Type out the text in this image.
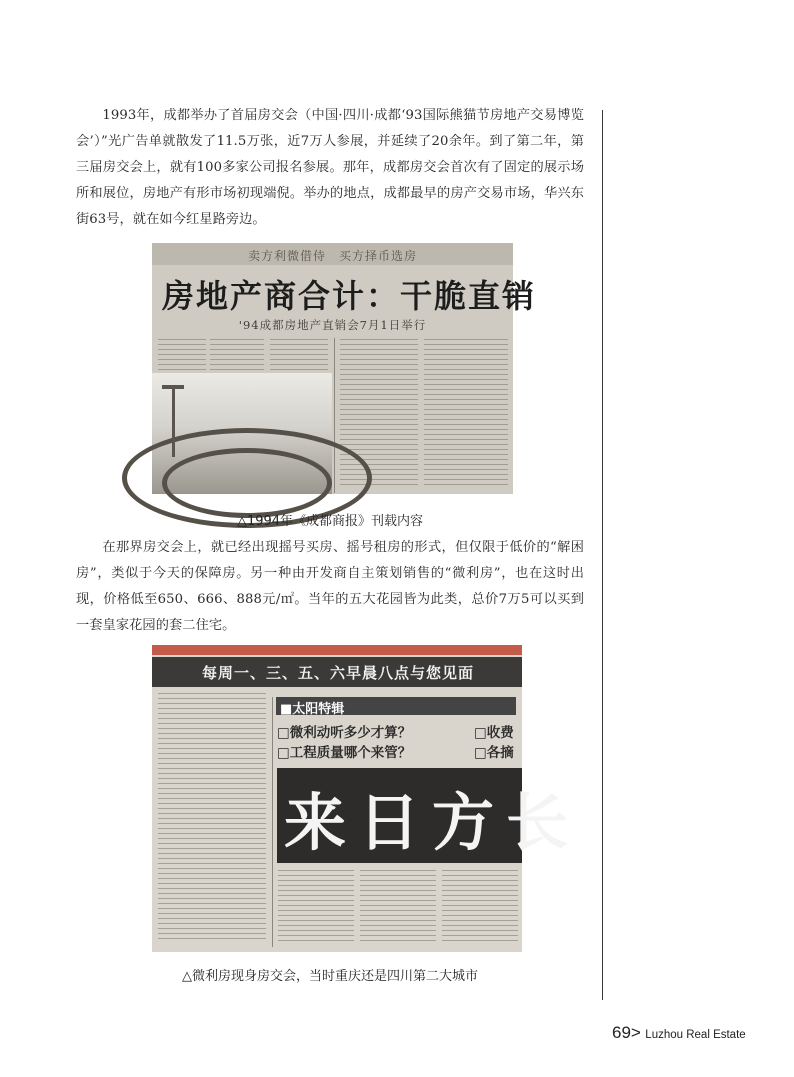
1993年，成都举办了首届房交会（中国·四川·成都‘93国际熊猫节房地产交易博览会’）”光广告单就散发了11.5万张，近7万人参展，并延续了20余年。到了第二年，第三届房交会上，就有100多家公司报名参展。那年，成都房交会首次有了固定的展示场所和展位，房地产有形市场初现端倪。举办的地点，成都最早的房产交易市场，华兴东街63号，就在如今红星路旁边。

卖方利微借侍　买方择币选房
房地产商合计：干脆直销
'94成都房地产直销会7月1日举行

△1994年《成都商报》刊载内容

在那界房交会上，就已经出现摇号买房、摇号租房的形式，但仅限于低价的“解困房”，类似于今天的保障房。另一种由开发商自主策划销售的“微利房”，也在这时出现，价格低至650、666、888元/㎡。当年的五大花园皆为此类，总价7万5可以买到一套皇家花园的套二住宅。

每周一、三、五、六早晨八点与您见面
■太阳特辑
□微利动听多少才算？
□工程质量哪个来管？
□收费
□各摘
来日方长

△微利房现身房交会，当时重庆还是四川第二大城市

69> Luzhou Real Estate
